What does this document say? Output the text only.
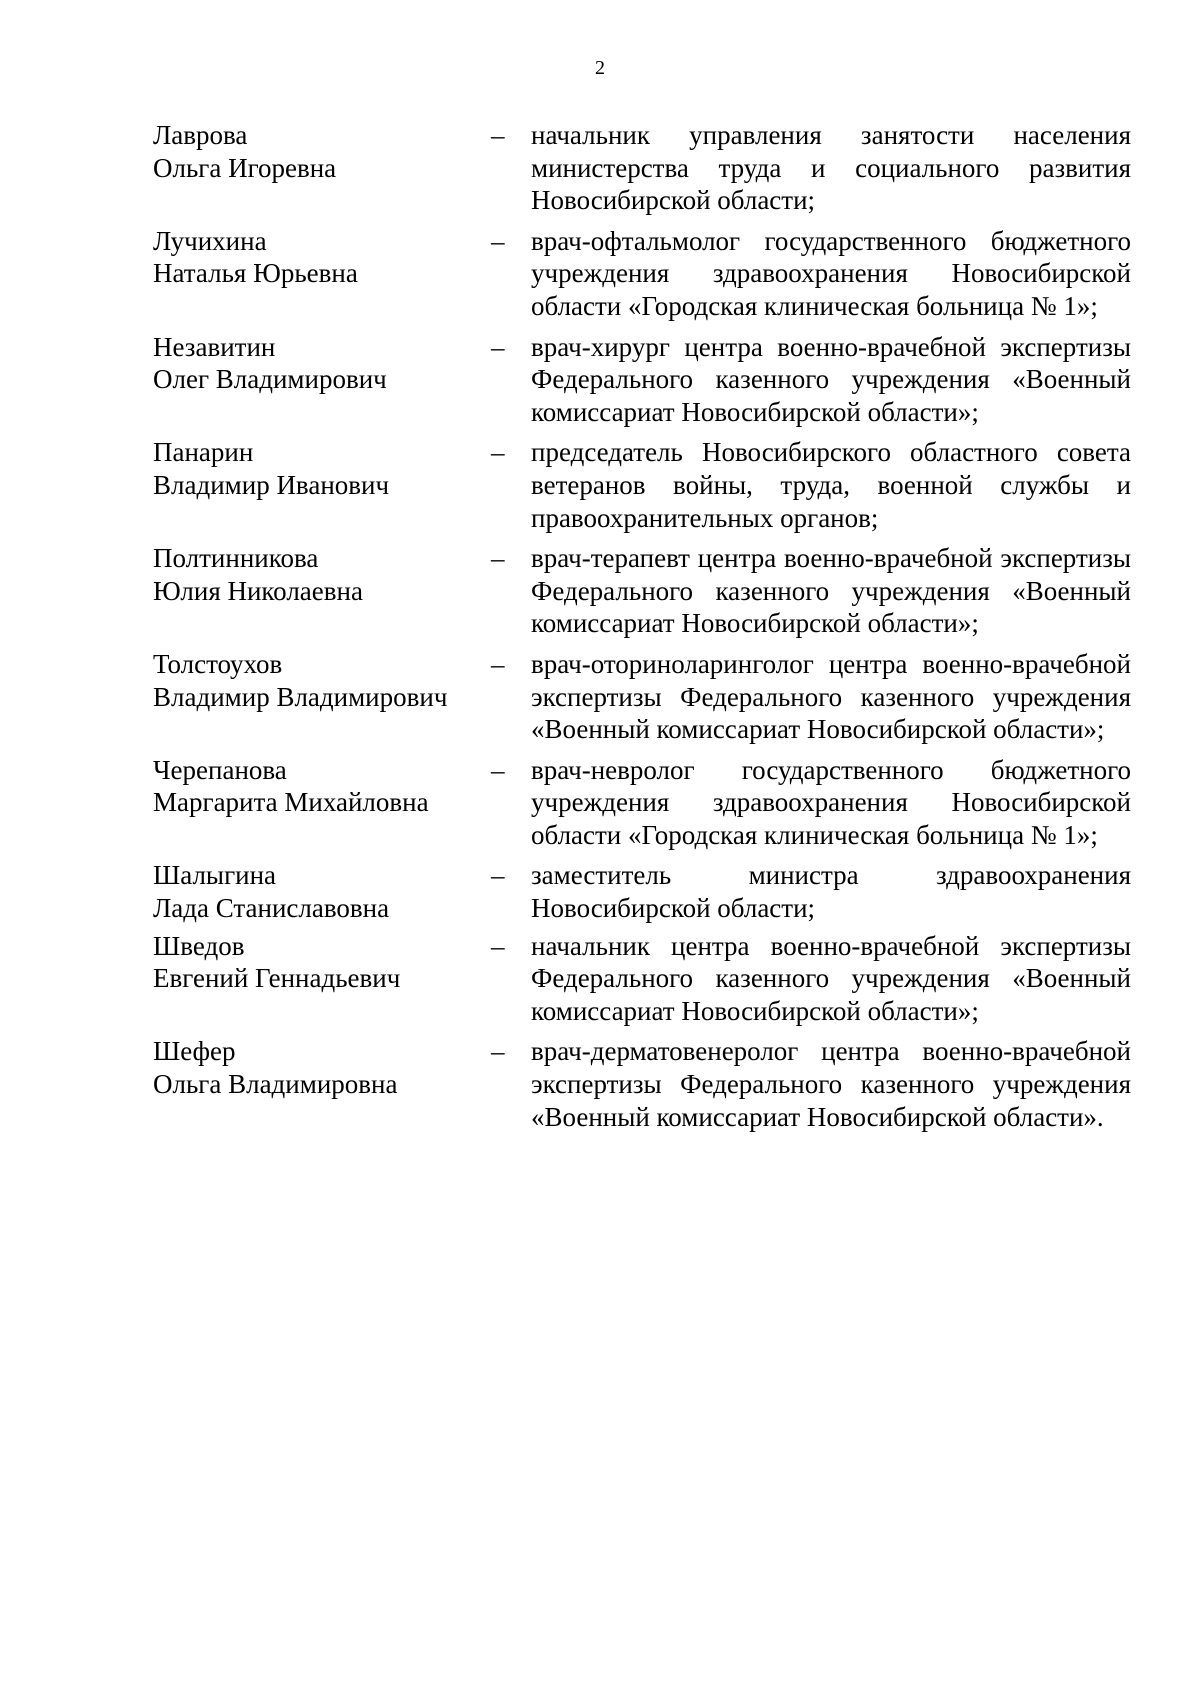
2
Лаврова
Ольга Игоревна
– начальник управления занятости населения министерства труда и социального развития Новосибирской области;
Лучихина
Наталья Юрьевна
– врач-офтальмолог государственного бюджетного учреждения здравоохранения Новосибирской области «Городская клиническая больница № 1»;
Незавитин
Олег Владимирович
– врач-хирург центра военно-врачебной экспертизы Федерального казенного учреждения «Военный комиссариат Новосибирской области»;
Панарин
Владимир Иванович
– председатель Новосибирского областного совета ветеранов войны, труда, военной службы и правоохранительных органов;
Полтинникова
Юлия Николаевна
– врач-терапевт центра военно-врачебной экспертизы Федерального казенного учреждения «Военный комиссариат Новосибирской области»;
Толстоухов
Владимир Владимирович
– врач-оториноларинголог центра военно-врачебной экспертизы Федерального казенного учреждения «Военный комиссариат Новосибирской области»;
Черепанова
Маргарита Михайловна
– врач-невролог государственного бюджетного учреждения здравоохранения Новосибирской области «Городская клиническая больница № 1»;
Шалыгина
Лада Станиславовна
– заместитель министра здравоохранения Новосибирской области;
Шведов
Евгений Геннадьевич
– начальник центра военно-врачебной экспертизы Федерального казенного учреждения «Военный комиссариат Новосибирской области»;
Шефер
Ольга Владимировна
– врач-дерматовенеролог центра военно-врачебной экспертизы Федерального казенного учреждения «Военный комиссариат Новосибирской области».
